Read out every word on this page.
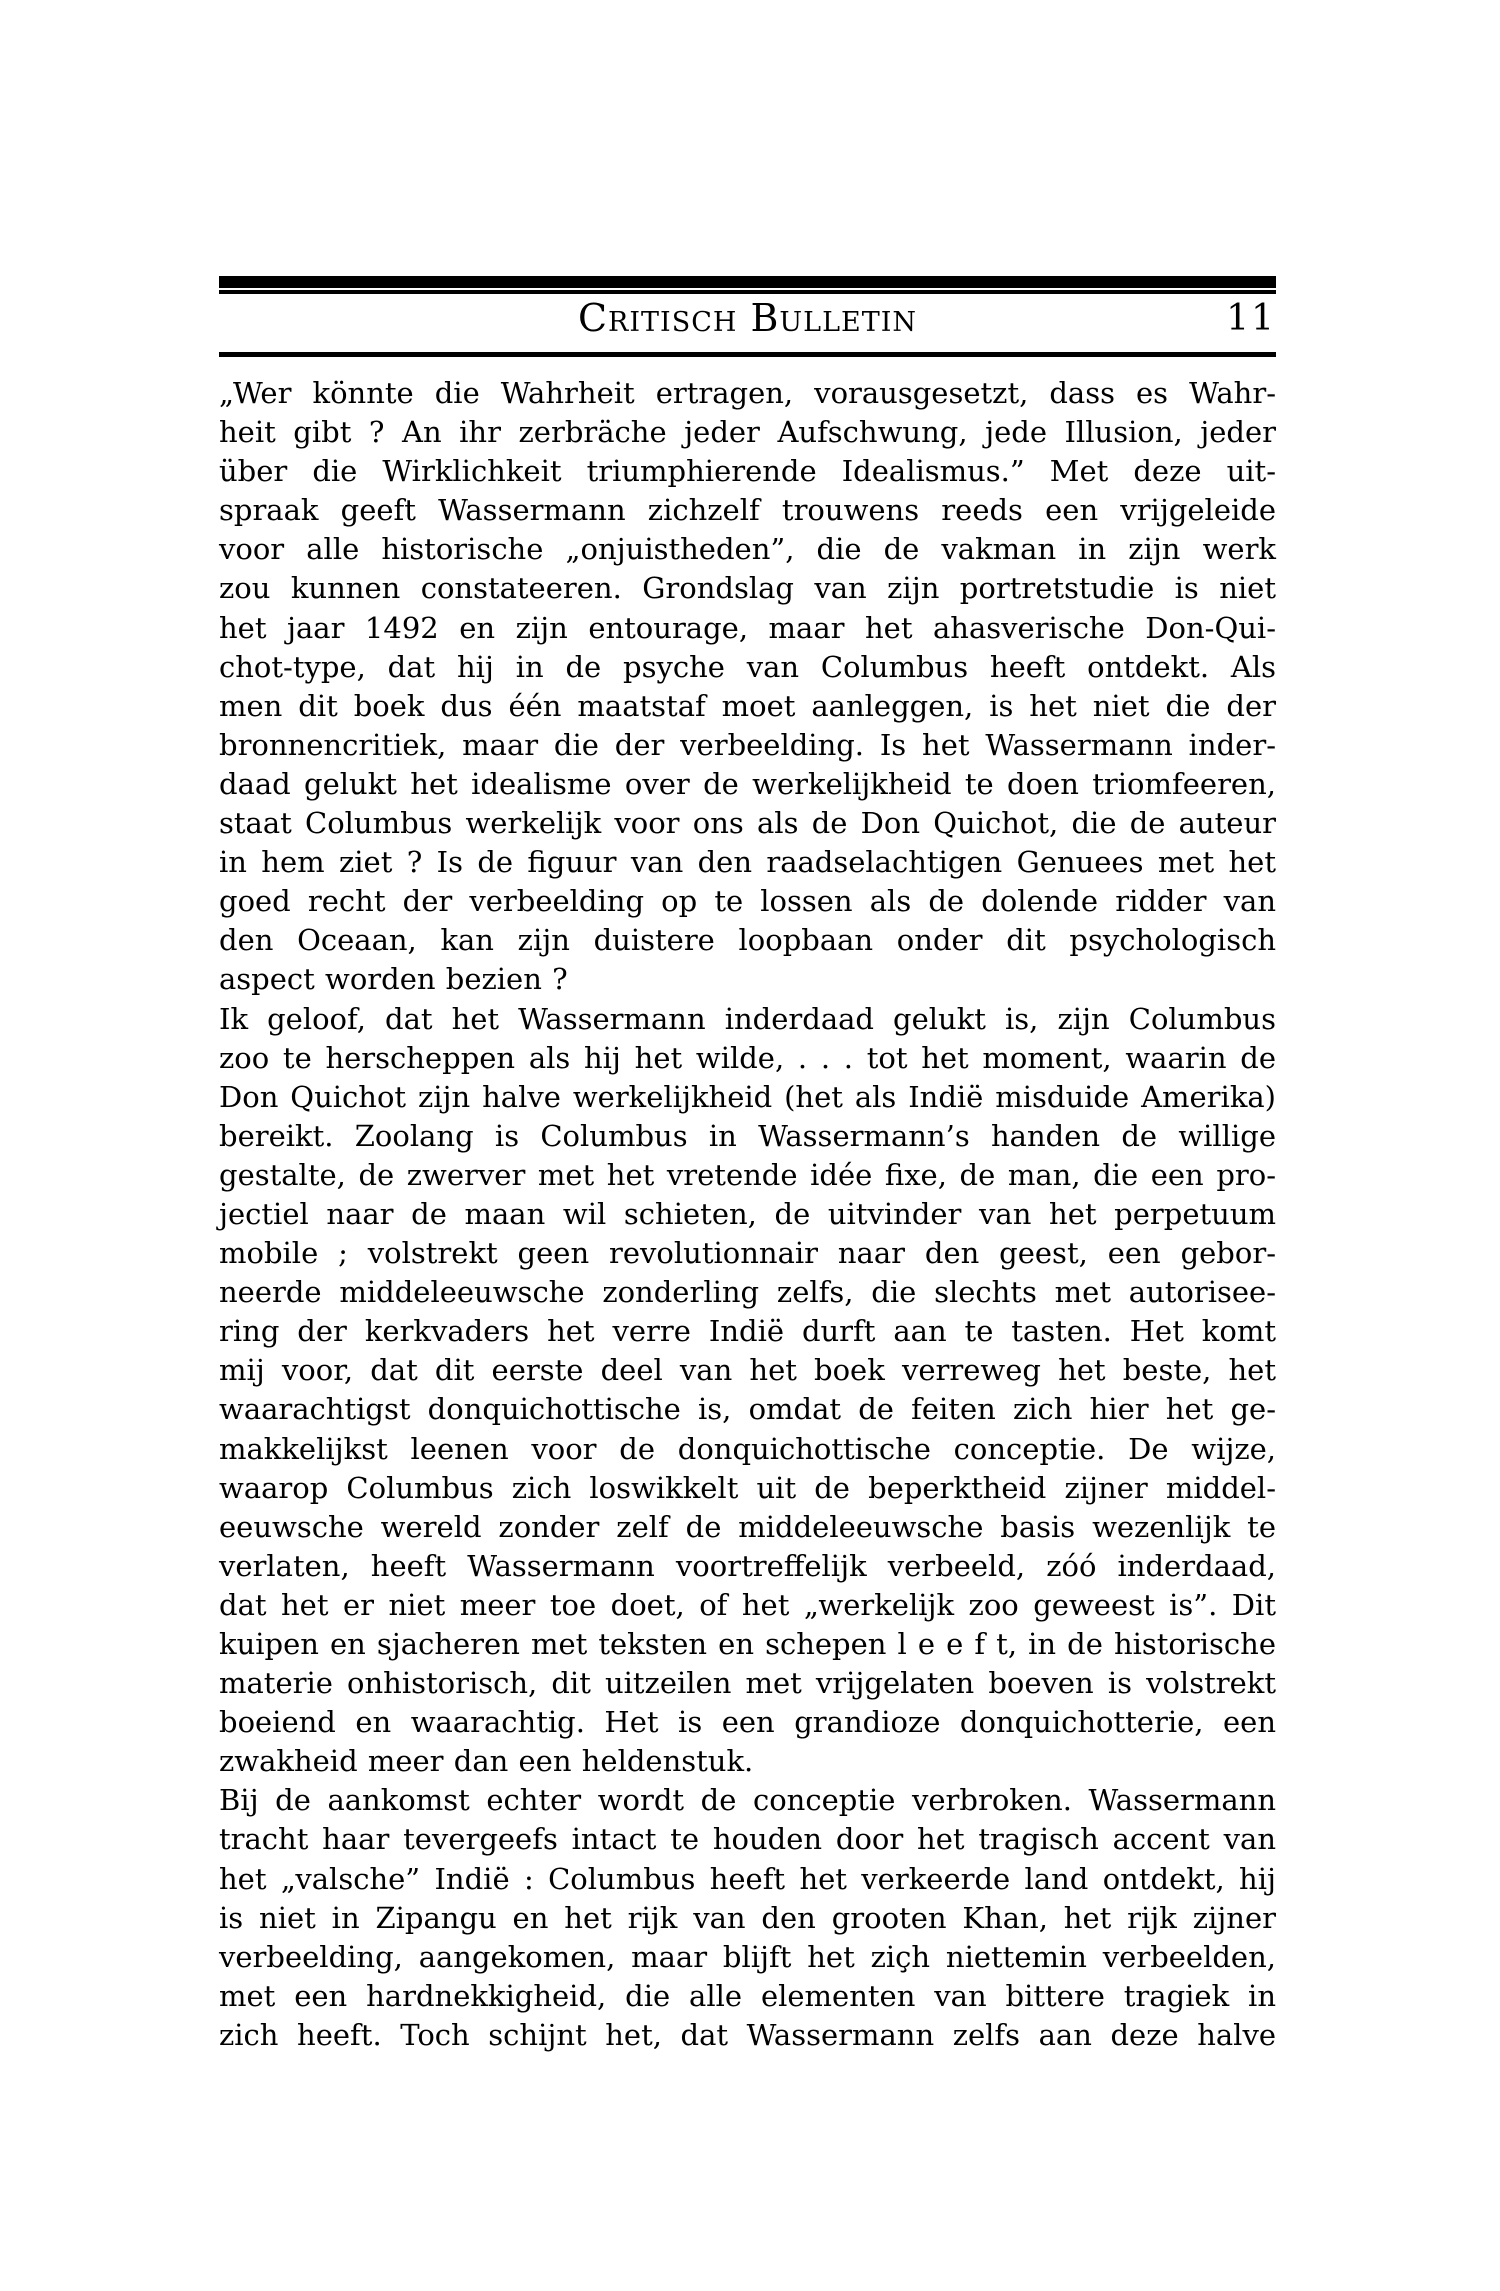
Critisch Bulletin	11
„Wer könnte die Wahrheit ertragen, vorausgesetzt, dass es Wahr-
heit gibt ? An ihr zerbräche jeder Aufschwung, jede Illusion, jeder
über die Wirklichkeit triumphierende Idealismus.” Met deze uit-
spraak geeft Wassermann zichzelf trouwens reeds een vrijgeleide
voor alle historische „onjuistheden”, die de vakman in zijn werk
zou kunnen constateeren. Grondslag van zijn portretstudie is niet
het jaar 1492 en zijn entourage, maar het ahasverische Don-Qui-
chot-type, dat hij in de psyche van Columbus heeft ontdekt. Als
men dit boek dus één maatstaf moet aanleggen, is het niet die der
bronnencritiek, maar die der verbeelding. Is het Wassermann inder-
daad gelukt het idealisme over de werkelijkheid te doen triomfeeren,
staat Columbus werkelijk voor ons als de Don Quichot, die de auteur
in hem ziet ? Is de figuur van den raadselachtigen Genuees met het
goed recht der verbeelding op te lossen als de dolende ridder van
den Oceaan, kan zijn duistere loopbaan onder dit psychologisch
aspect worden bezien ?
Ik geloof, dat het Wassermann inderdaad gelukt is, zijn Columbus
zoo te herscheppen als hij het wilde, . . . tot het moment, waarin de
Don Quichot zijn halve werkelijkheid (het als Indië misduide Amerika)
bereikt. Zoolang is Columbus in Wassermann’s handen de willige
gestalte, de zwerver met het vretende idée fixe, de man, die een pro-
jectiel naar de maan wil schieten, de uitvinder van het perpetuum
mobile ; volstrekt geen revolutionnair naar den geest, een gebor-
neerde middeleeuwsche zonderling zelfs, die slechts met autorisee-
ring der kerkvaders het verre Indië durft aan te tasten. Het komt
mij voor, dat dit eerste deel van het boek verreweg het beste, het
waarachtigst donquichottische is, omdat de feiten zich hier het ge-
makkelijkst leenen voor de donquichottische conceptie. De wijze,
waarop Columbus zich loswikkelt uit de beperktheid zijner middel-
eeuwsche wereld zonder zelf de middeleeuwsche basis wezenlijk te
verlaten, heeft Wassermann voortreffelijk verbeeld, zóó inderdaad,
dat het er niet meer toe doet, of het „werkelijk zoo geweest is”. Dit
kuipen en sjacheren met teksten en schepen l e e f t, in de historische
materie onhistorisch, dit uitzeilen met vrijgelaten boeven is volstrekt
boeiend en waarachtig. Het is een grandioze donquichotterie, een
zwakheid meer dan een heldenstuk.
Bij de aankomst echter wordt de conceptie verbroken. Wassermann
tracht haar tevergeefs intact te houden door het tragisch accent van
het „valsche” Indië : Columbus heeft het verkeerde land ontdekt, hij
is niet in Zipangu en het rijk van den grooten Khan, het rijk zijner
verbeelding, aangekomen, maar blijft het ziçh niettemin verbeelden,
met een hardnekkigheid, die alle elementen van bittere tragiek in
zich heeft. Toch schijnt het, dat Wassermann zelfs aan deze halve
